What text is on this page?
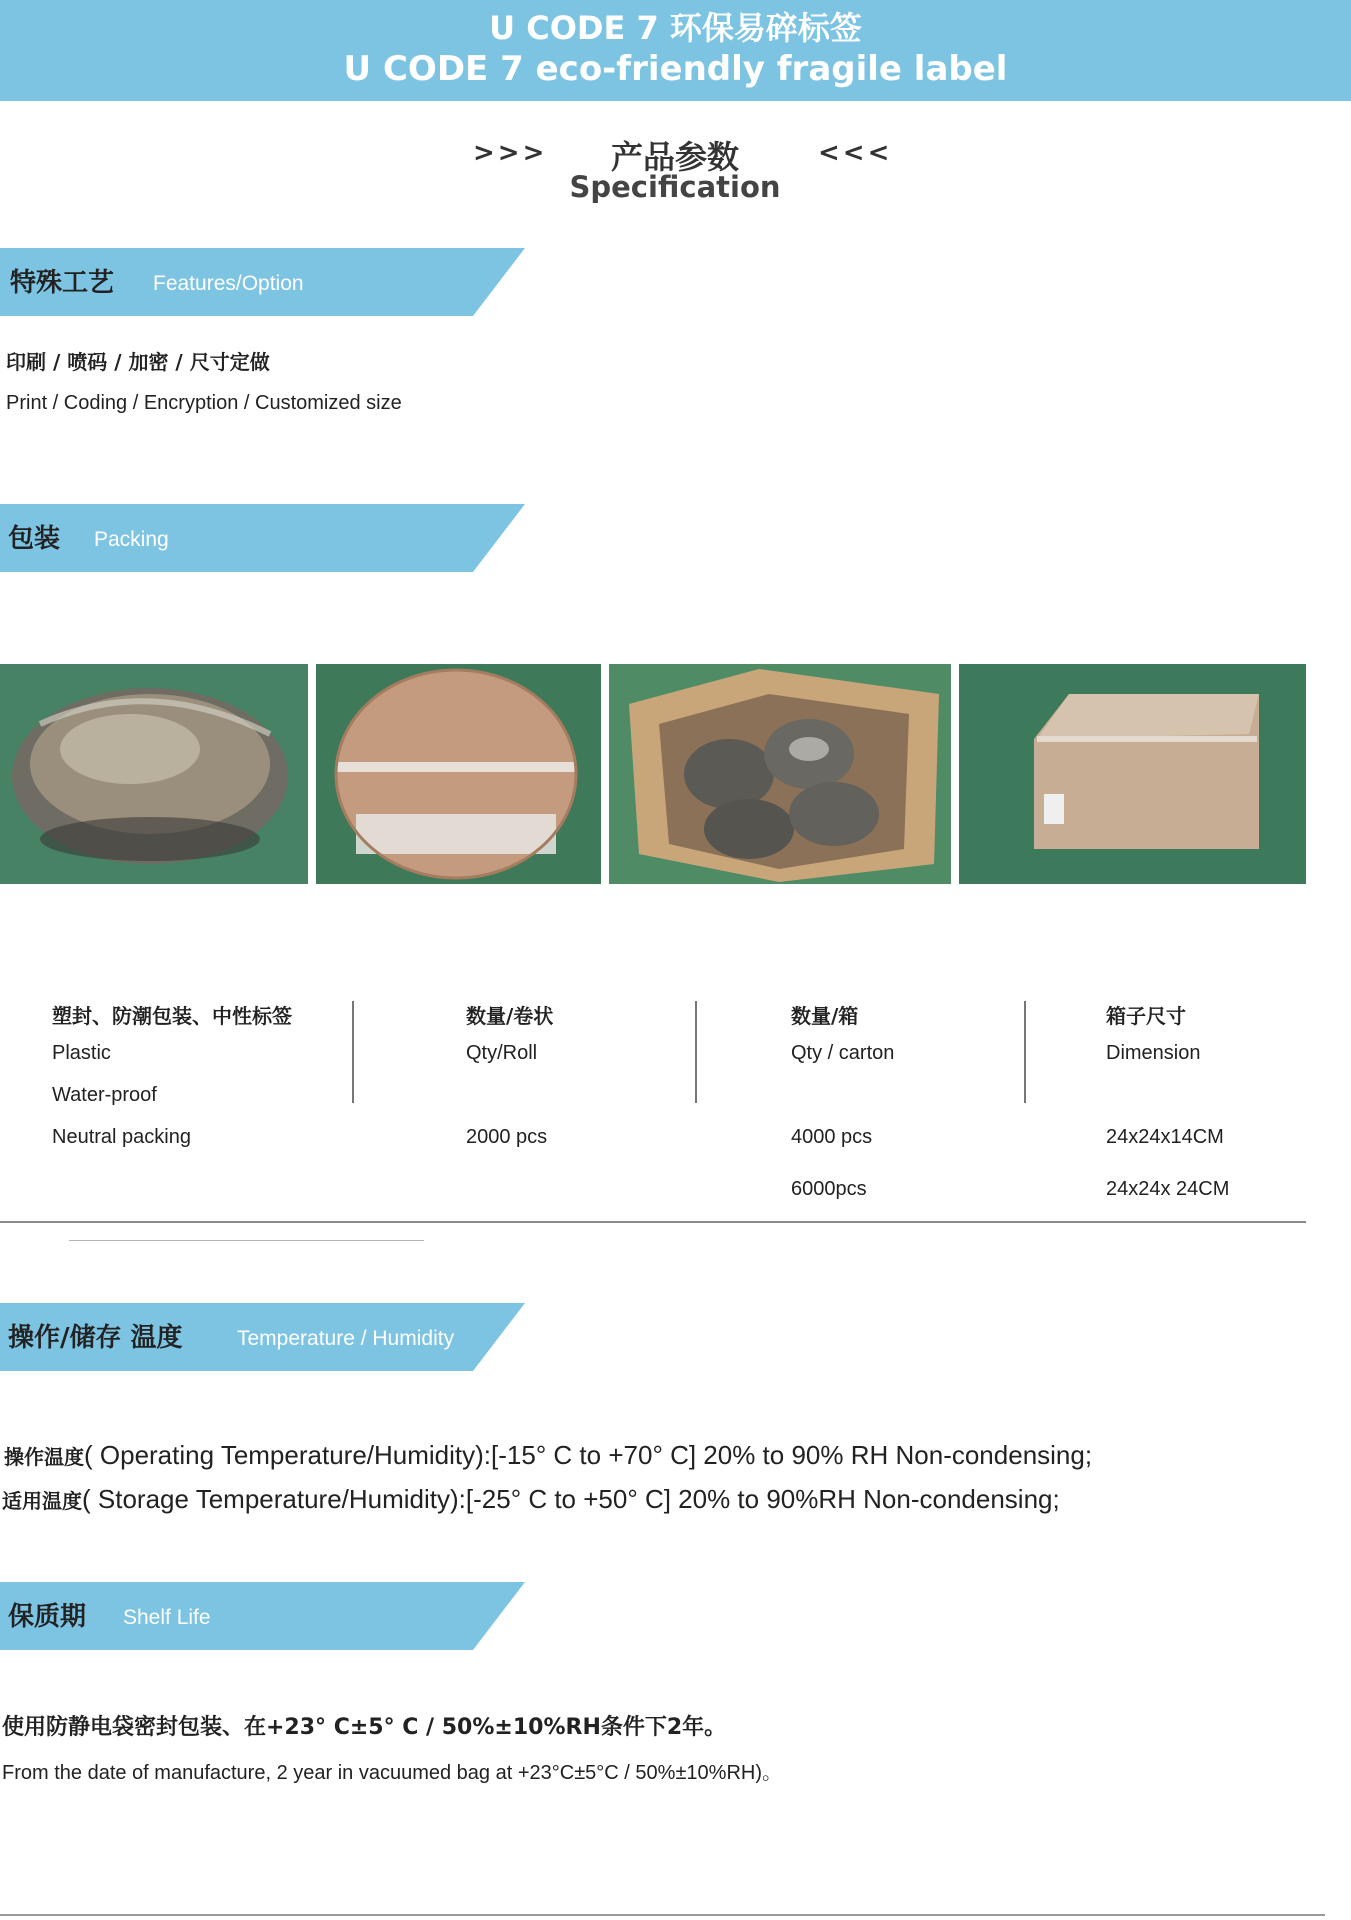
U CODE 7 环保易碎标签
U CODE 7 eco-friendly fragile label
>>>	<<<
产品参数
Specification
特殊工艺 Features/Option
印刷 / 喷码 / 加密 / 尺寸定做
Print / Coding / Encryption / Customized size
包装 Packing
塑封、防潮包装、中性标签
Plastic
Water-proof
Neutral packing
数量/卷状
Qty/Roll
2000 pcs
数量/箱
Qty / carton
4000 pcs
6000pcs
箱子尺寸
Dimension
24x24x14CM
24x24x 24CM
操作/储存 温度	Temperature / Humidity
操作温度( Operating Temperature/Humidity):[-15° C to +70° C] 20% to 90% RH Non-condensing;
适用温度( Storage Temperature/Humidity):[-25° C to +50° C] 20% to 90%RH Non-condensing;
保质期 Shelf Life
使用防静电袋密封包装、在+23° C±5° C / 50%±10%RH条件下2年。
From the date of manufacture, 2 year in vacuumed bag at +23°C±5°C / 50%±10%RH)。
